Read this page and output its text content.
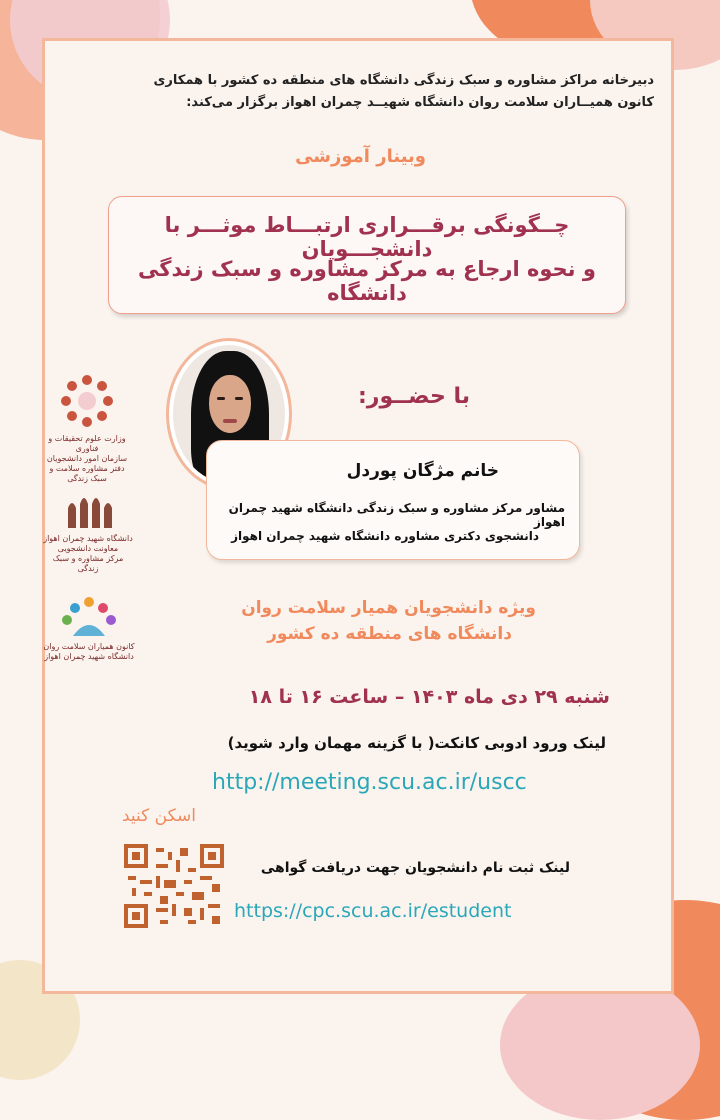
دبیرخانه مراکز مشاوره و سبک زندگی دانشگاه های منطقه ده کشور با همکاری
کانون همیــاران سلامت روان دانشگاه شهیــد چمران اهواز برگزار می‌کند:
وبینار آموزشی
چــگونگی برقـــراری ارتبـــاط موثـــر با دانشجـــویان
و نحوه ارجاع به مرکز مشاوره و سبک زندگی دانشگاه
با حضــور:
خانم مژگان پوردل
مشاور مرکز مشاوره و سبک زندگی دانشگاه شهید چمران اهواز
دانشجوی دکتری مشاوره دانشگاه شهید چمران اهواز
وزارت علوم تحقیقات و فناوری
سازمان امور دانشجویان
دفتر مشاوره سلامت و سبک زندگی
دانشگاه شهید چمران اهواز
معاونت دانشجویی
مرکز مشاوره و سبک زندگی
کانون همیاران سلامت روان
دانشگاه شهید چمران اهواز
ویژه دانشجویان همیار سلامت روان
دانشگاه های منطقه ده کشور
شنبه ۲۹ دی ماه ۱۴۰۳ – ساعت ۱۶ تا ۱۸
لینک ورود ادوبی کانکت( با گزینه مهمان وارد شوید)
http://meeting.scu.ac.ir/uscc
اسکن کنید
لینک ثبت نام دانشجویان جهت دریافت گواهی
https://cpc.scu.ac.ir/estudent
